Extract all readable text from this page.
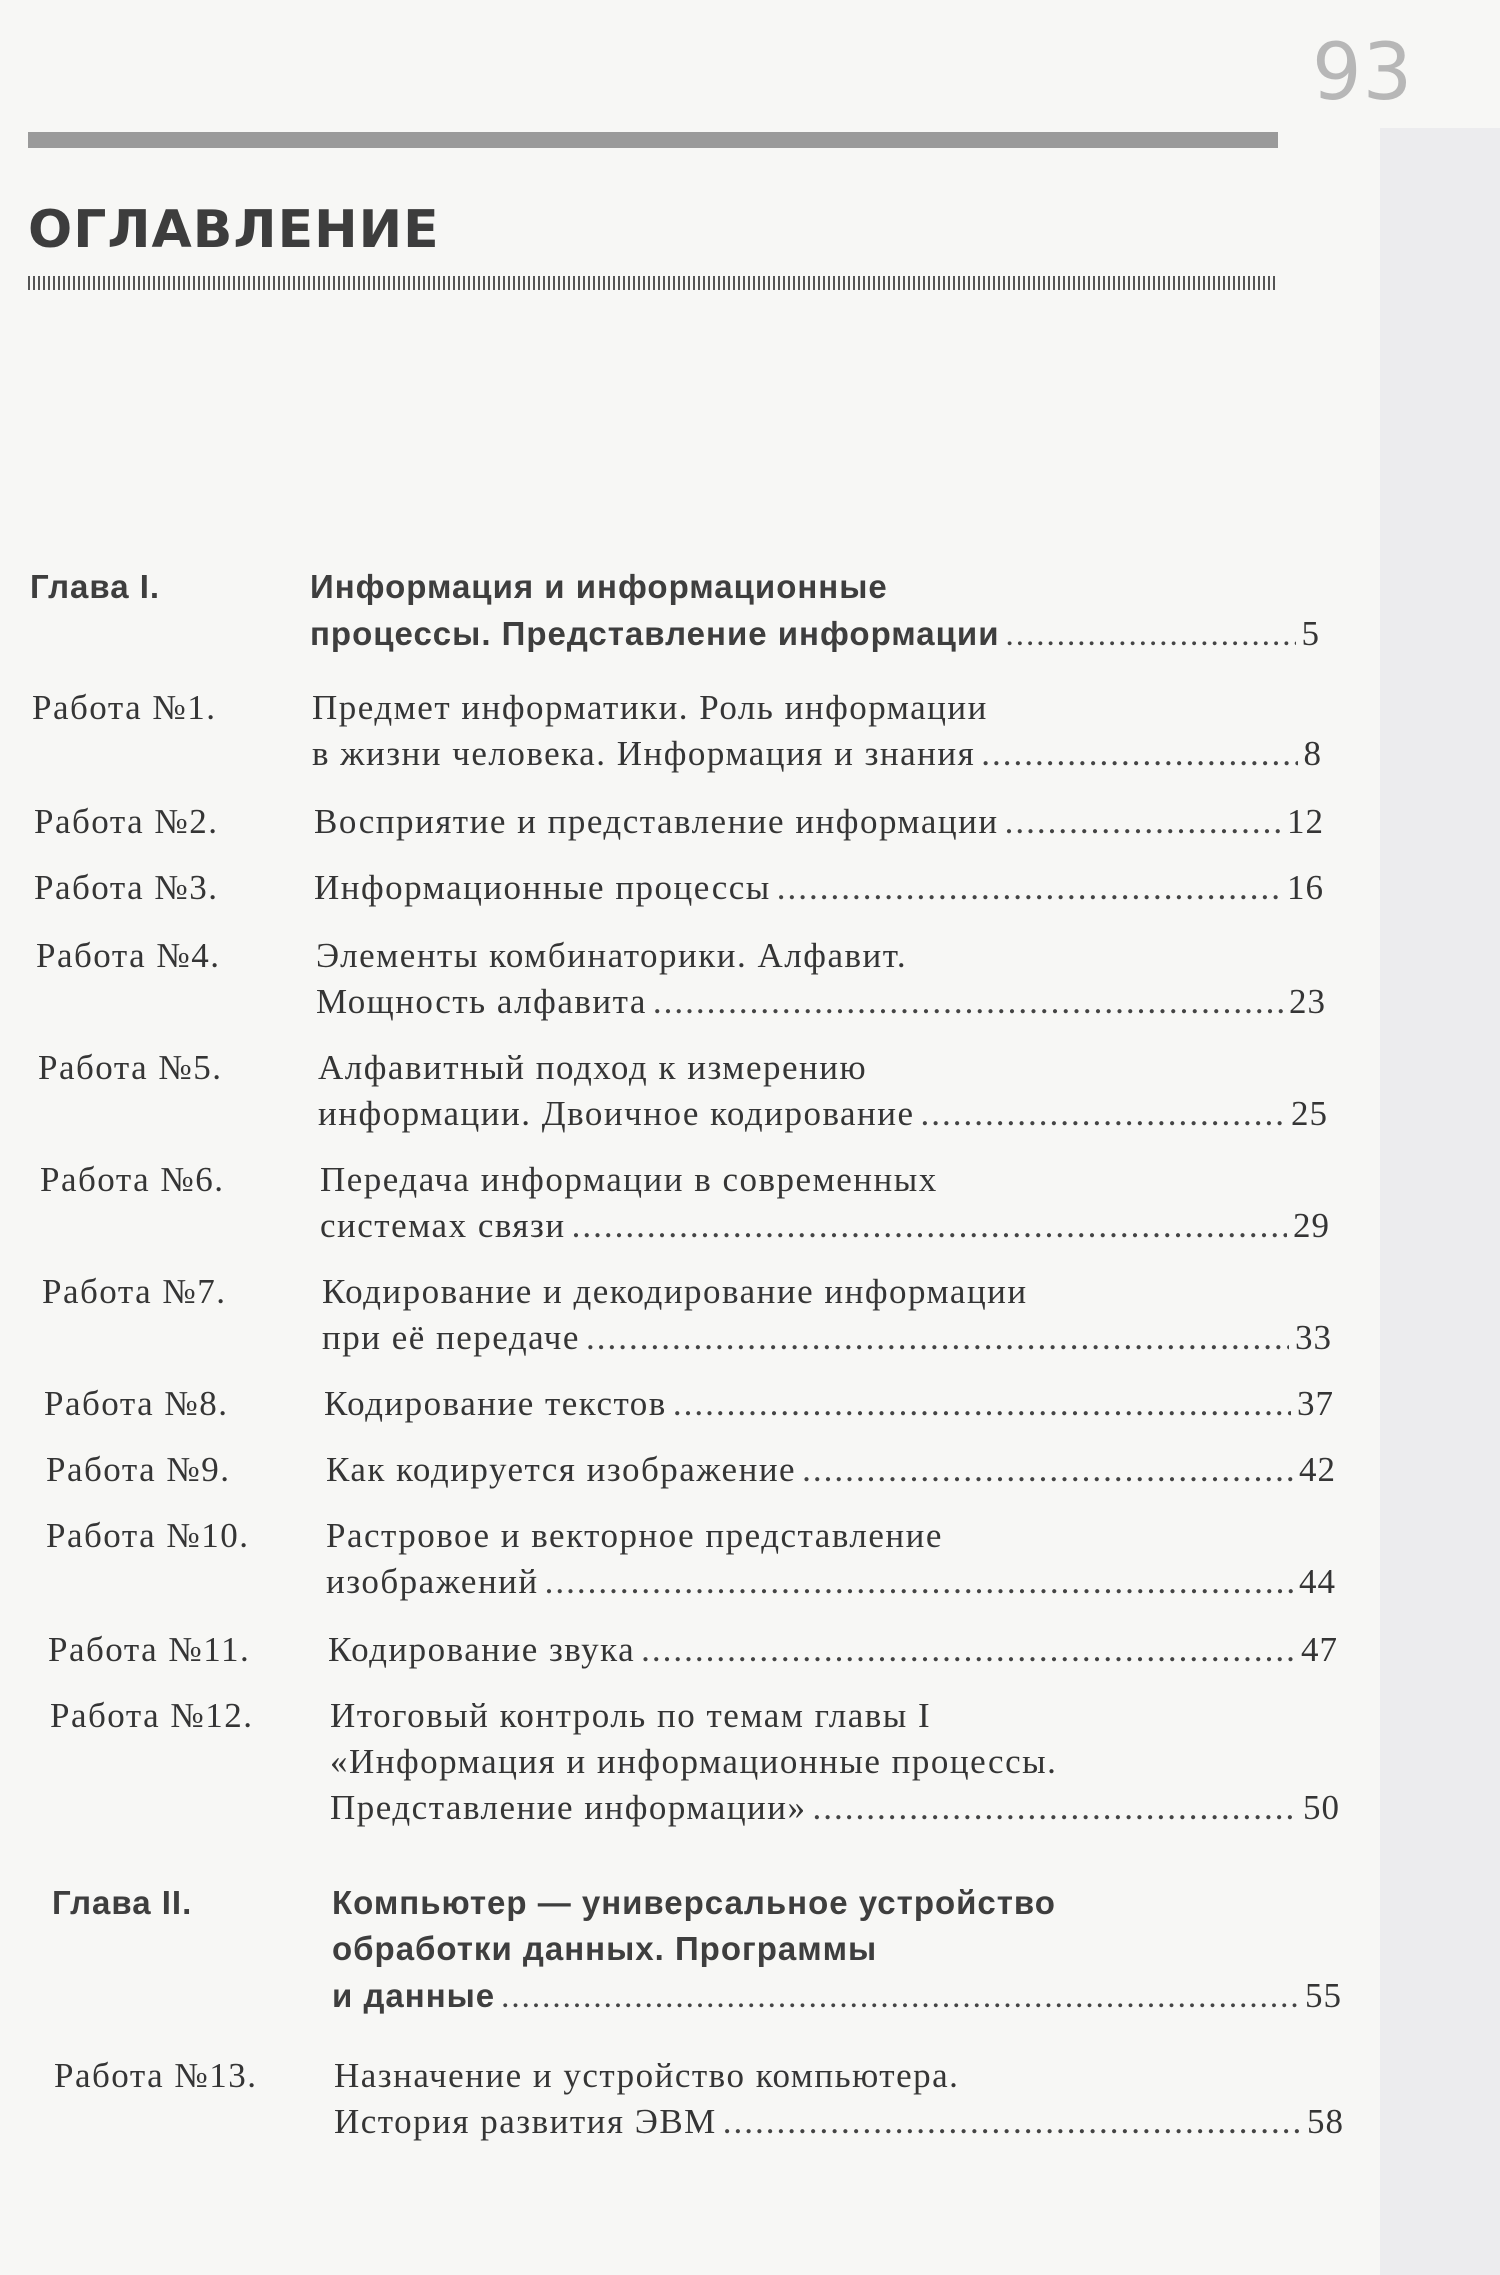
93
ОГЛАВЛЕНИЕ
Глава I.	Информация и информационные
процессы. Представление информации .....	5
Работа №1.	Предмет информатики. Роль информации
в жизни человека. Информация и знания .....	8
Работа №2.	Восприятие и представление информации .....	12
Работа №3.	Информационные процессы .....	16
Работа №4.	Элементы комбинаторики. Алфавит.
Мощность алфавита .....	23
Работа №5.	Алфавитный подход к измерению
информации. Двоичное кодирование .....	25
Работа №6.	Передача информации в современных
системах связи .....	29
Работа №7.	Кодирование и декодирование информации
при её передаче .....	33
Работа №8.	Кодирование текстов .....	37
Работа №9.	Как кодируется изображение .....	42
Работа №10. Растровое и векторное представление
изображений .....	44
Работа №11. Кодирование звука .....	47
Работа №12. Итоговый контроль по темам главы I
«Информация и информационные процессы.
Представление информации» .....	50
Глава II.	Компьютер — универсальное устройство
обработки данных. Программы
и данные .....	55
Работа №13. Назначение и устройство компьютера.
История развития ЭВМ .....	58
